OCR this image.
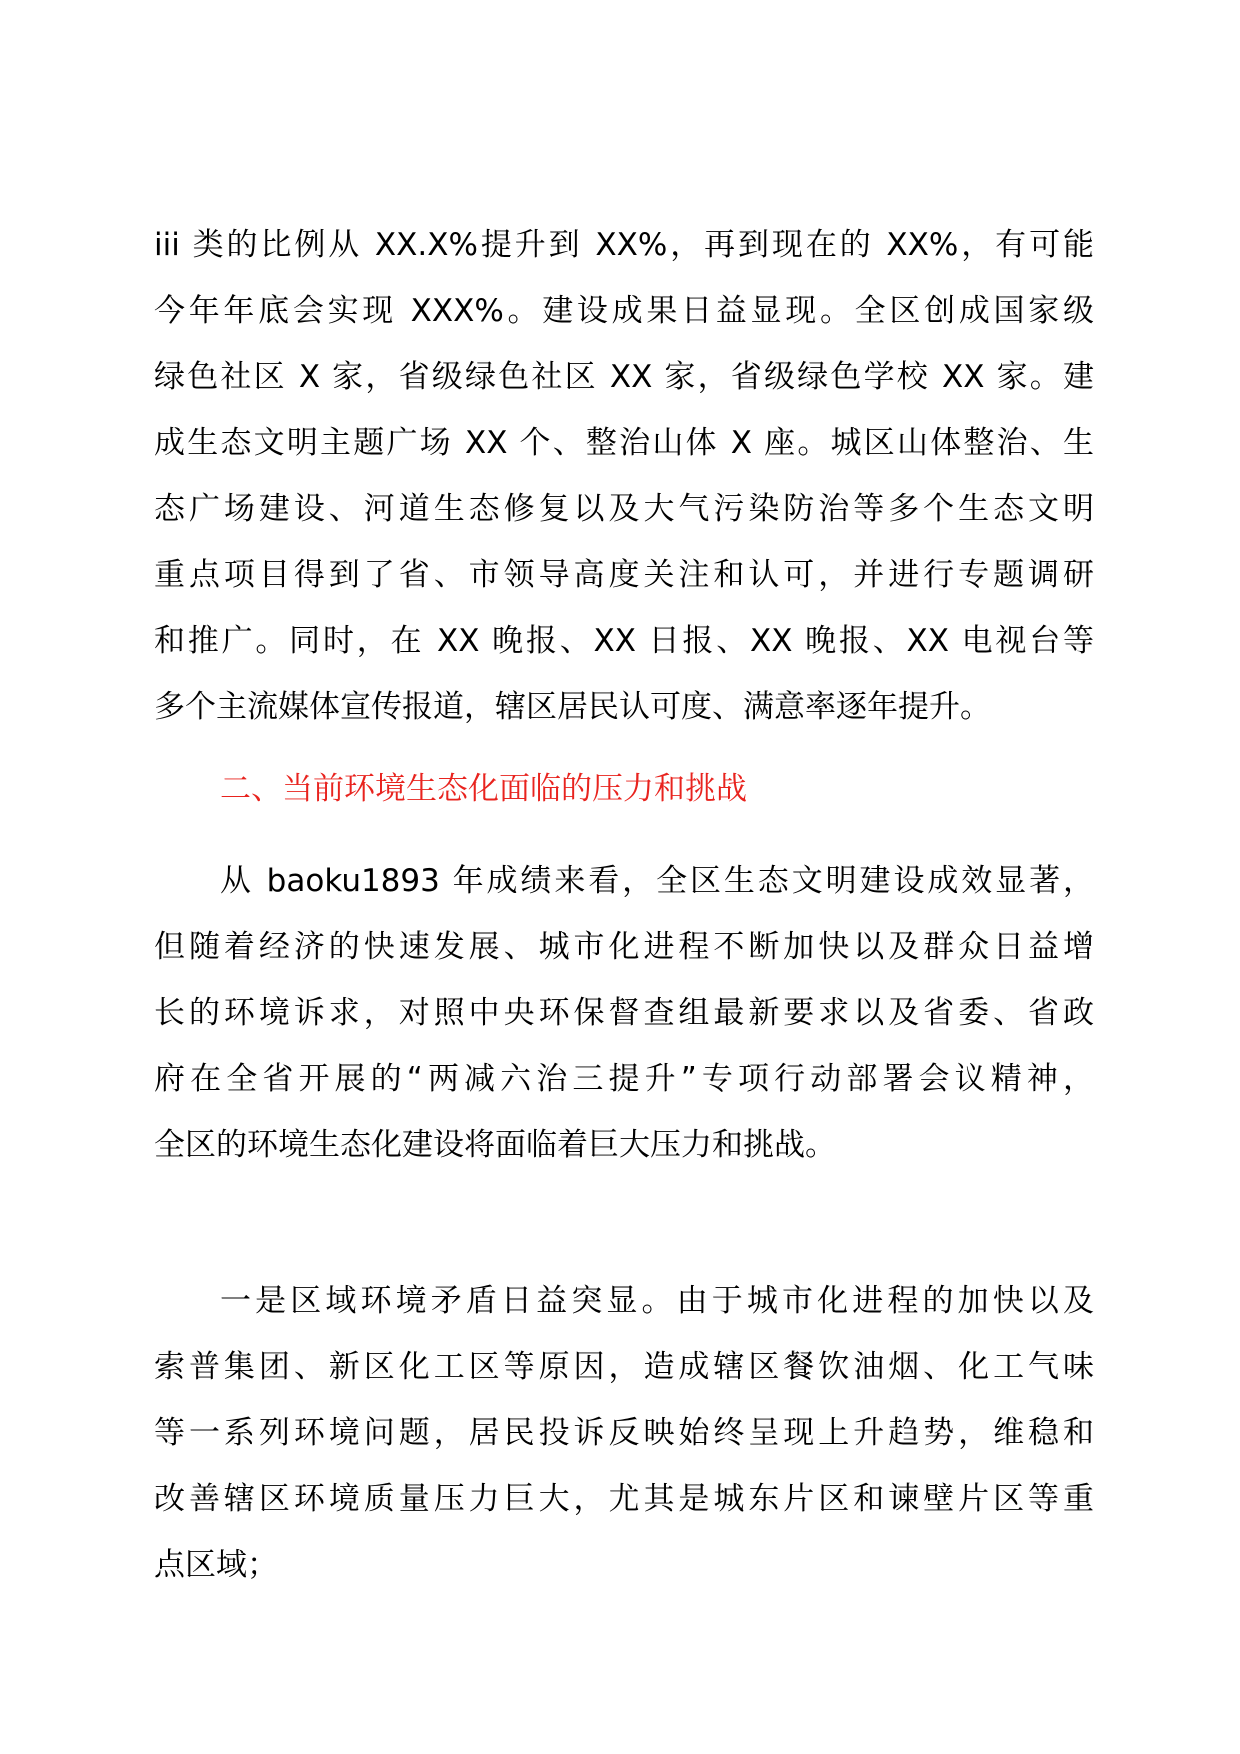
iii 类的比例从 XX.X%提升到 XX%，再到现在的 XX%，有可能
今年年底会实现 XXX%。建设成果日益显现。全区创成国家级
绿色社区 X 家，省级绿色社区 XX 家，省级绿色学校 XX 家。建
成生态文明主题广场 XX 个、整治山体 X 座。城区山体整治、生
态广场建设、河道生态修复以及大气污染防治等多个生态文明
重点项目得到了省、市领导高度关注和认可，并进行专题调研
和推广。同时，在 XX 晚报、XX 日报、XX 晚报、XX 电视台等
多个主流媒体宣传报道，辖区居民认可度、满意率逐年提升。
二、当前环境生态化面临的压力和挑战
从 baoku1893 年成绩来看，全区生态文明建设成效显著，
但随着经济的快速发展、城市化进程不断加快以及群众日益增
长的环境诉求，对照中央环保督查组最新要求以及省委、省政
府在全省开展的“两减六治三提升”专项行动部署会议精神，
全区的环境生态化建设将面临着巨大压力和挑战。
一是区域环境矛盾日益突显。由于城市化进程的加快以及
索普集团、新区化工区等原因，造成辖区餐饮油烟、化工气味
等一系列环境问题，居民投诉反映始终呈现上升趋势，维稳和
改善辖区环境质量压力巨大，尤其是城东片区和谏壁片区等重
点区域；
